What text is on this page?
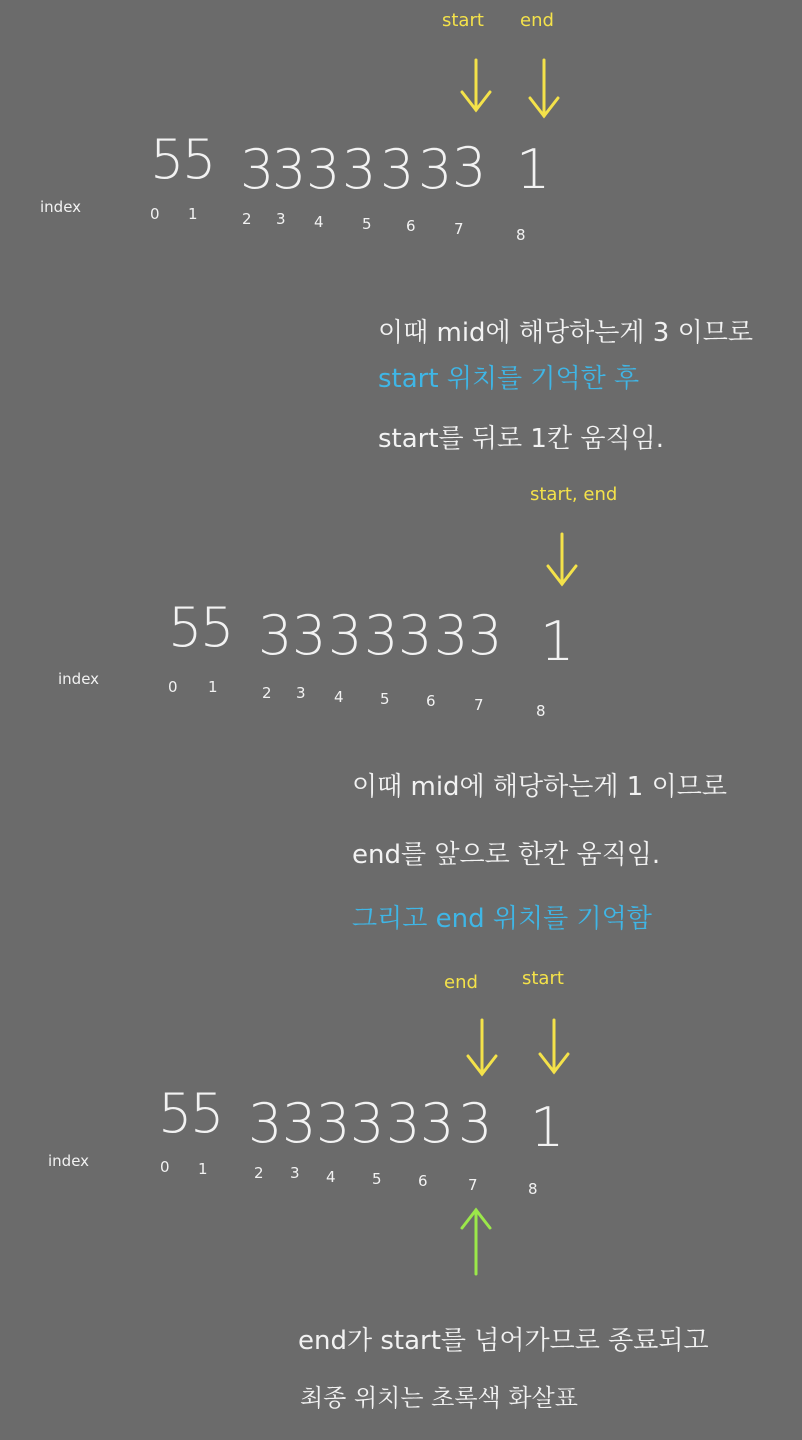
start end
5
5 3
3 3 3 3 3 3 1
index	0 1	2 3 4	5 6	7	8
이때 mid에 해당하는게 3 이므로
start 위치를 기억한 후
start를 뒤로 1칸 움직임.
start, end
5
5 3 3 3 3 3 3 3 1
index	0 1	2 3 4 5 6	7	8
이때 mid에 해당하는게 1 이므로
end를 앞으로 한칸 움직임.
그리고 end 위치를 기억함
end start
5
5 3 3 3 3 3 3 3 1
index	0 1	2 3 4 5 6	7	8
end가 start를 넘어가므로 종료되고
최종 위치는 초록색 화살표
